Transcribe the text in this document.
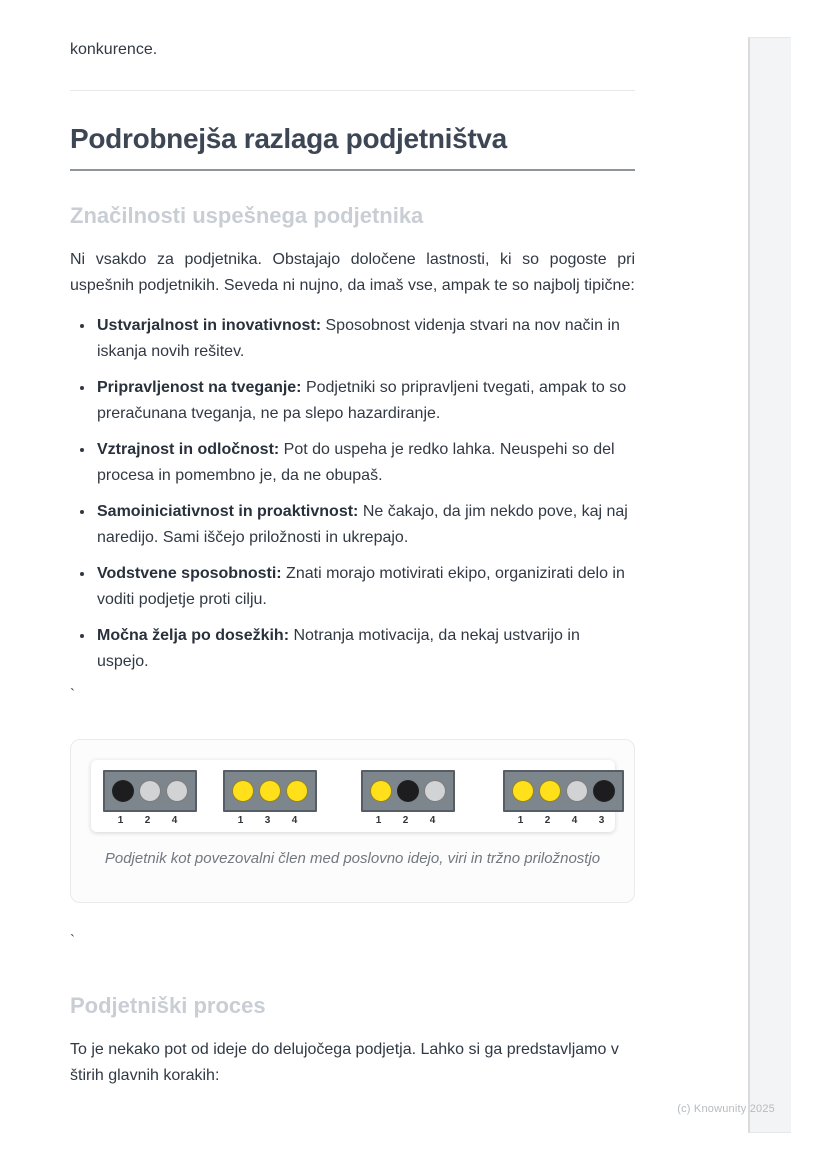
konkurence.

Podrobnejša razlaga podjetništva
Značilnosti uspešnega podjetnika

Ni vsakdo za podjetnika. Obstajajo določene lastnosti, ki so pogoste pri uspešnih podjetnikih. Seveda ni nujno, da imaš vse, ampak te so najbolj tipične:

• Ustvarjalnost in inovativnost: Sposobnost videnja stvari na nov način in iskanja novih rešitev.
• Pripravljenost na tveganje: Podjetniki so pripravljeni tvegati, ampak to so preračunana tveganja, ne pa slepo hazardiranje.
• Vztrajnost in odločnost: Pot do uspeha je redko lahka. Neuspehi so del procesa in pomembno je, da ne obupaš.
• Samoiniciativnost in proaktivnost: Ne čakajo, da jim nekdo pove, kaj naj naredijo. Sami iščejo priložnosti in ukrepajo.
• Vodstvene sposobnosti: Znati morajo motivirati ekipo, organizirati delo in voditi podjetje proti cilju.
• Močna želja po dosežkih: Notranja motivacija, da nekaj ustvarijo in uspejo.

`

1	2	4	1	3	4	1	2	4	1	2	4	3

Podjetnik kot povezovalni člen med poslovno idejo, viri in tržno priložnostjo

`

Podjetniški proces

To je nekako pot od ideje do delujočega podjetja. Lahko si ga predstavljamo v štirih glavnih korakih:

(c) Knowunity 2025
